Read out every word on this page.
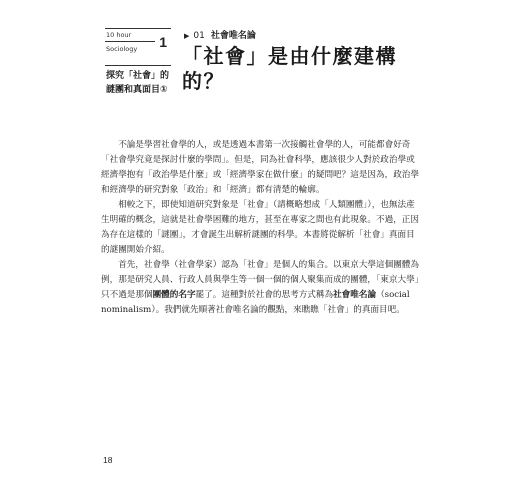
10 hour
Sociology 1
探究「社會」的
謎團和真面目①
▶ 01 社會唯名論
「社會」是由什麼建構
的？

不論是學習社會學的人，或是透過本書第一次接觸社會學的人，可能都會好奇「社會學究竟是探討什麼的學問」。但是，同為社會科學，應該很少人對於政治學或經濟學抱有「政治學是什麼」或「經濟學家在做什麼」的疑問吧？這是因為，政治學和經濟學的研究對象「政治」和「經濟」都有清楚的輪廓。

相較之下，即使知道研究對象是「社會」（請概略想成「人類團體」），也無法產生明確的概念，這就是社會學困難的地方，甚至在專家之間也有此現象。不過，正因為存在這樣的「謎團」，才會誕生出解析謎團的科學。本書將從解析「社會」真面目的謎團開始介紹。

首先，社會學（社會學家）認為「社會」是個人的集合。以東京大學這個團體為例，那是研究人員、行政人員與學生等一個一個的個人聚集而成的團體，「東京大學」只不過是那個團體的名字罷了。這種對於社會的思考方式稱為社會唯名論（social nominalism）。我們就先順著社會唯名論的觀點，來瞧瞧「社會」的真面目吧。

18
